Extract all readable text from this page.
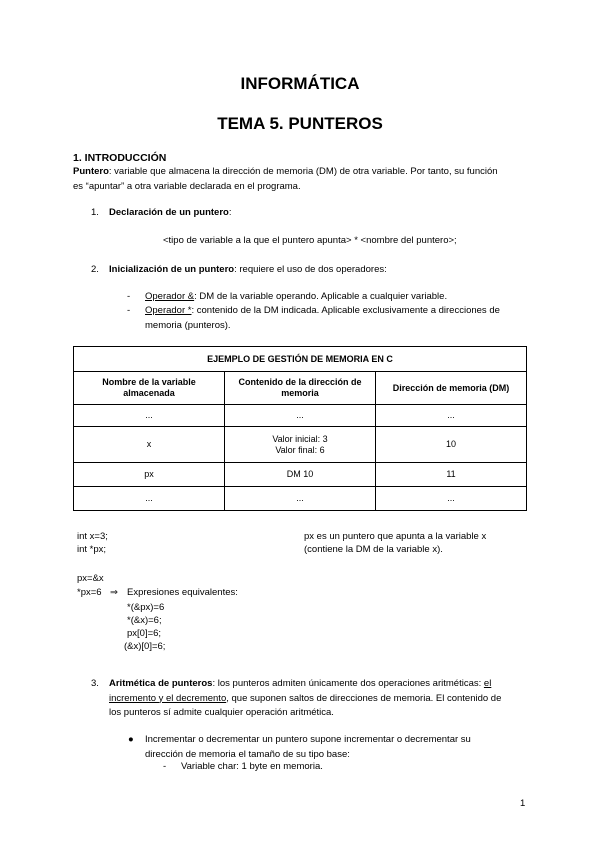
INFORMÁTICA
TEMA 5. PUNTEROS
1. INTRODUCCIÓN
Puntero: variable que almacena la dirección de memoria (DM) de otra variable. Por tanto, su función
es “apuntar” a otra variable declarada en el programa.
1. Declaración de un puntero:
<tipo de variable a la que el puntero apunta> * <nombre del puntero>;
2. Inicialización de un puntero: requiere el uso de dos operadores:
- Operador &: DM de la variable operando. Aplicable a cualquier variable.
- Operador *: contenido de la DM indicada. Aplicable exclusivamente a direcciones de
memoria (punteros).
EJEMPLO DE GESTIÓN DE MEMORIA EN C		
Nombre de la variable almacenada	Contenido de la dirección de memoria	Dirección de memoria (DM)
...	...	...
x	Valor inicial: 3
Valor final: 6	10
px	DM 10	11
...	...	...
int x=3;
int *px;
px es un puntero que apunta a la variable x
(contiene la DM de la variable x).
px=&x
*px=6 ⇒ Expresiones equivalentes:
*(&px)=6
*(&x)=6;
px[0]=6;
(&x)[0]=6;
3. Aritmética de punteros: los punteros admiten únicamente dos operaciones aritméticas: el
incremento y el decremento, que suponen saltos de direcciones de memoria. El contenido de
los punteros sí admite cualquier operación aritmética.
● Incrementar o decrementar un puntero supone incrementar o decrementar su
dirección de memoria el tamaño de su tipo base:
- Variable char: 1 byte en memoria.
1
